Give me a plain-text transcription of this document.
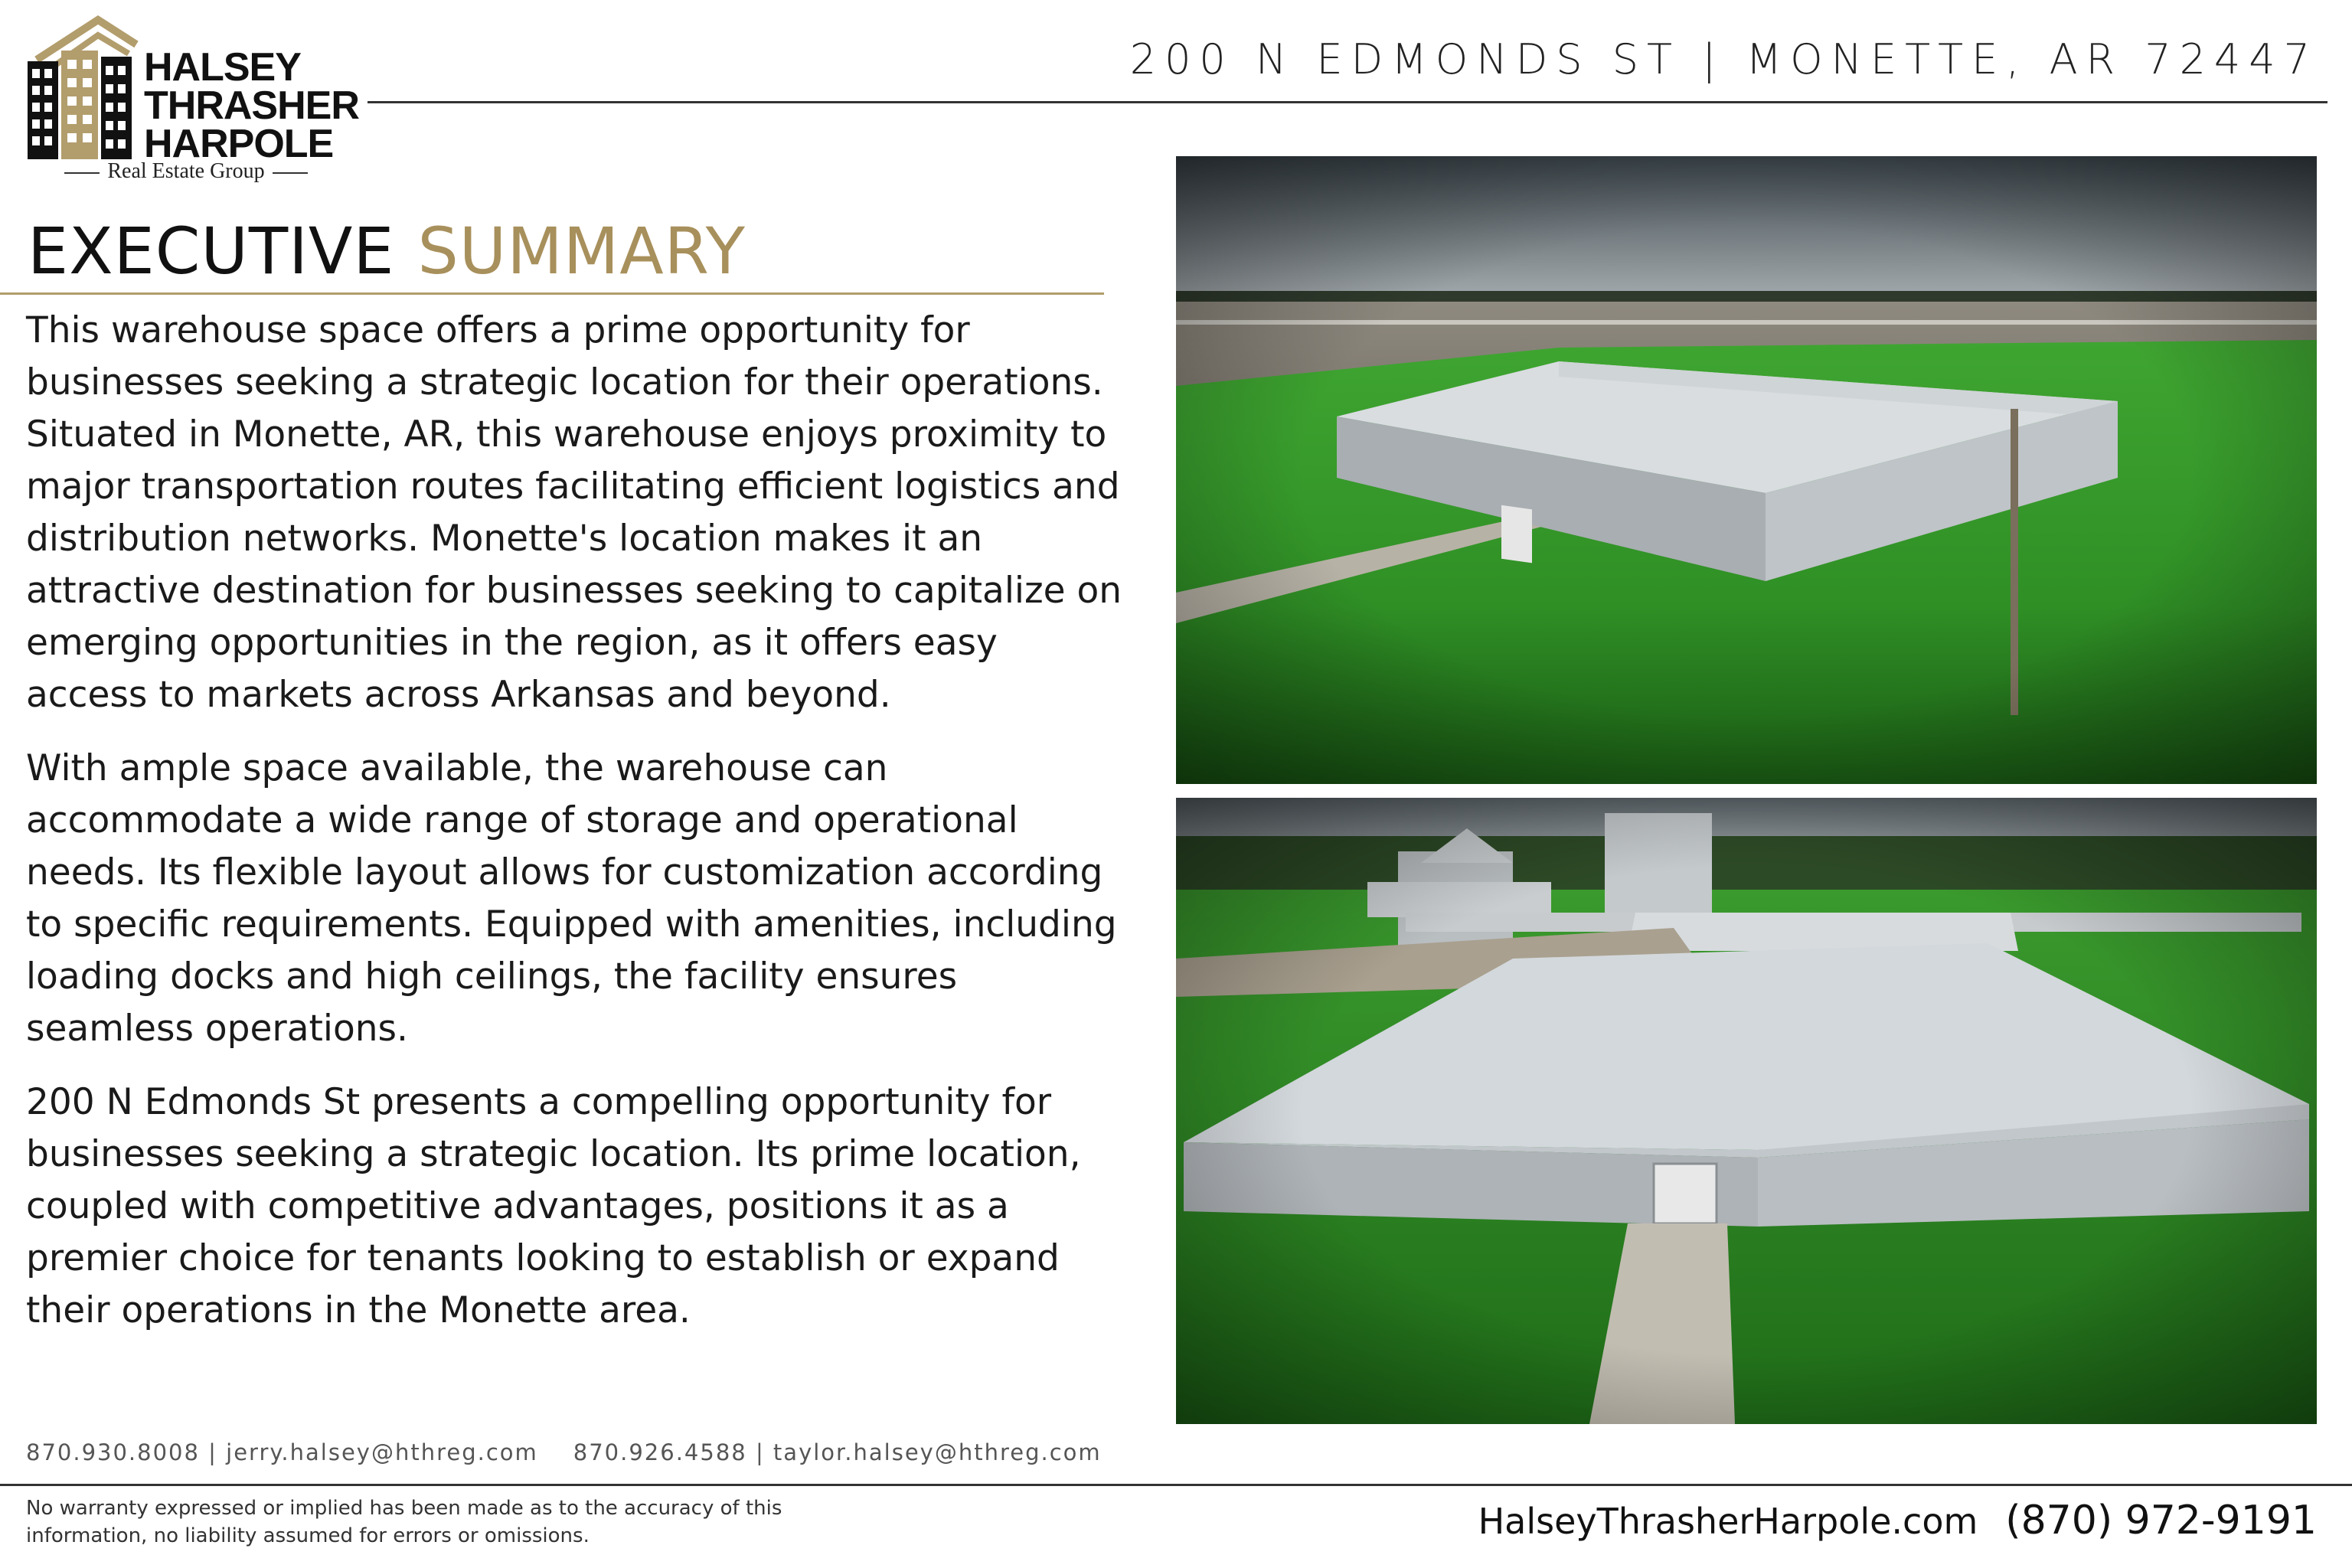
HALSEY
THRASHER
HARPOLE
Real Estate Group
200 N EDMONDS ST | MONETTE, AR 72447
EXECUTIVE SUMMARY

This warehouse space offers a prime opportunity for businesses seeking a strategic location for their operations. Situated in Monette, AR, this warehouse enjoys proximity to major transportation routes facilitating efficient logistics and distribution networks. Monette's location makes it an attractive destination for businesses seeking to capitalize on emerging opportunities in the region, as it offers easy access to markets across Arkansas and beyond.

With ample space available, the warehouse can accommodate a wide range of storage and operational needs. Its flexible layout allows for customization according to specific requirements. Equipped with amenities, including loading docks and high ceilings, the facility ensures seamless operations.

200 N Edmonds St presents a compelling opportunity for businesses seeking a strategic location. Its prime location, coupled with competitive advantages, positions it as a premier choice for tenants looking to establish or expand their operations in the Monette area.

870.930.8008 | jerry.halsey@hthreg.com 870.926.4588 | taylor.halsey@hthreg.com
No warranty expressed or implied has been made as to the accuracy of this information, no liability assumed for errors or omissions.	HalseyThrasherHarpole.com (870) 972-9191
